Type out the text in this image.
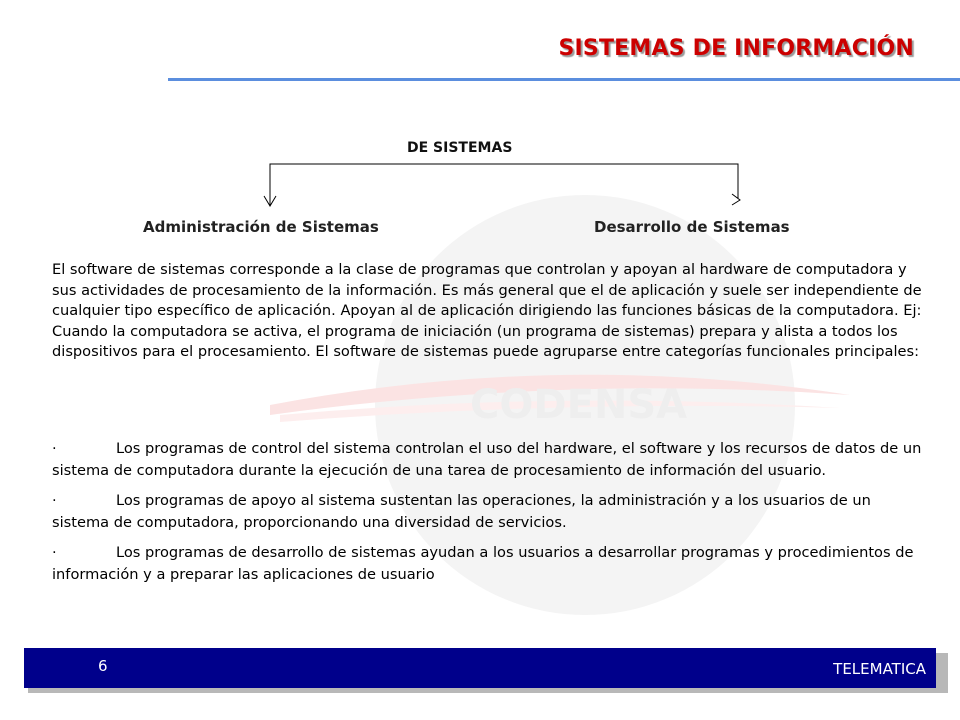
SISTEMAS DE INFORMACIÓN
CODENSA
DE SISTEMAS
Administración de Sistemas	Desarrollo de Sistemas
El software de sistemas corresponde a la clase de programas que controlan y apoyan al hardware de computadora y sus actividades de procesamiento de la información. Es más general que el de aplicación y suele ser independiente de cualquier tipo específico de aplicación. Apoyan al de aplicación dirigiendo las funciones básicas de la computadora. Ej: Cuando la computadora se activa, el programa de iniciación (un programa de sistemas) prepara y alista a todos los dispositivos para el procesamiento. El software de sistemas puede agruparse entre categorías funcionales principales:
·	Los programas de control del sistema controlan el uso del hardware, el software y los recursos de datos de un sistema de computadora durante la ejecución de una tarea de procesamiento de información del usuario.
·	Los programas de apoyo al sistema sustentan las operaciones, la administración y a los usuarios de un sistema de computadora, proporcionando una diversidad de servicios.
·	Los programas de desarrollo de sistemas ayudan a los usuarios a desarrollar programas y procedimientos de información y a preparar las aplicaciones de usuario
6	TELEMATICA
